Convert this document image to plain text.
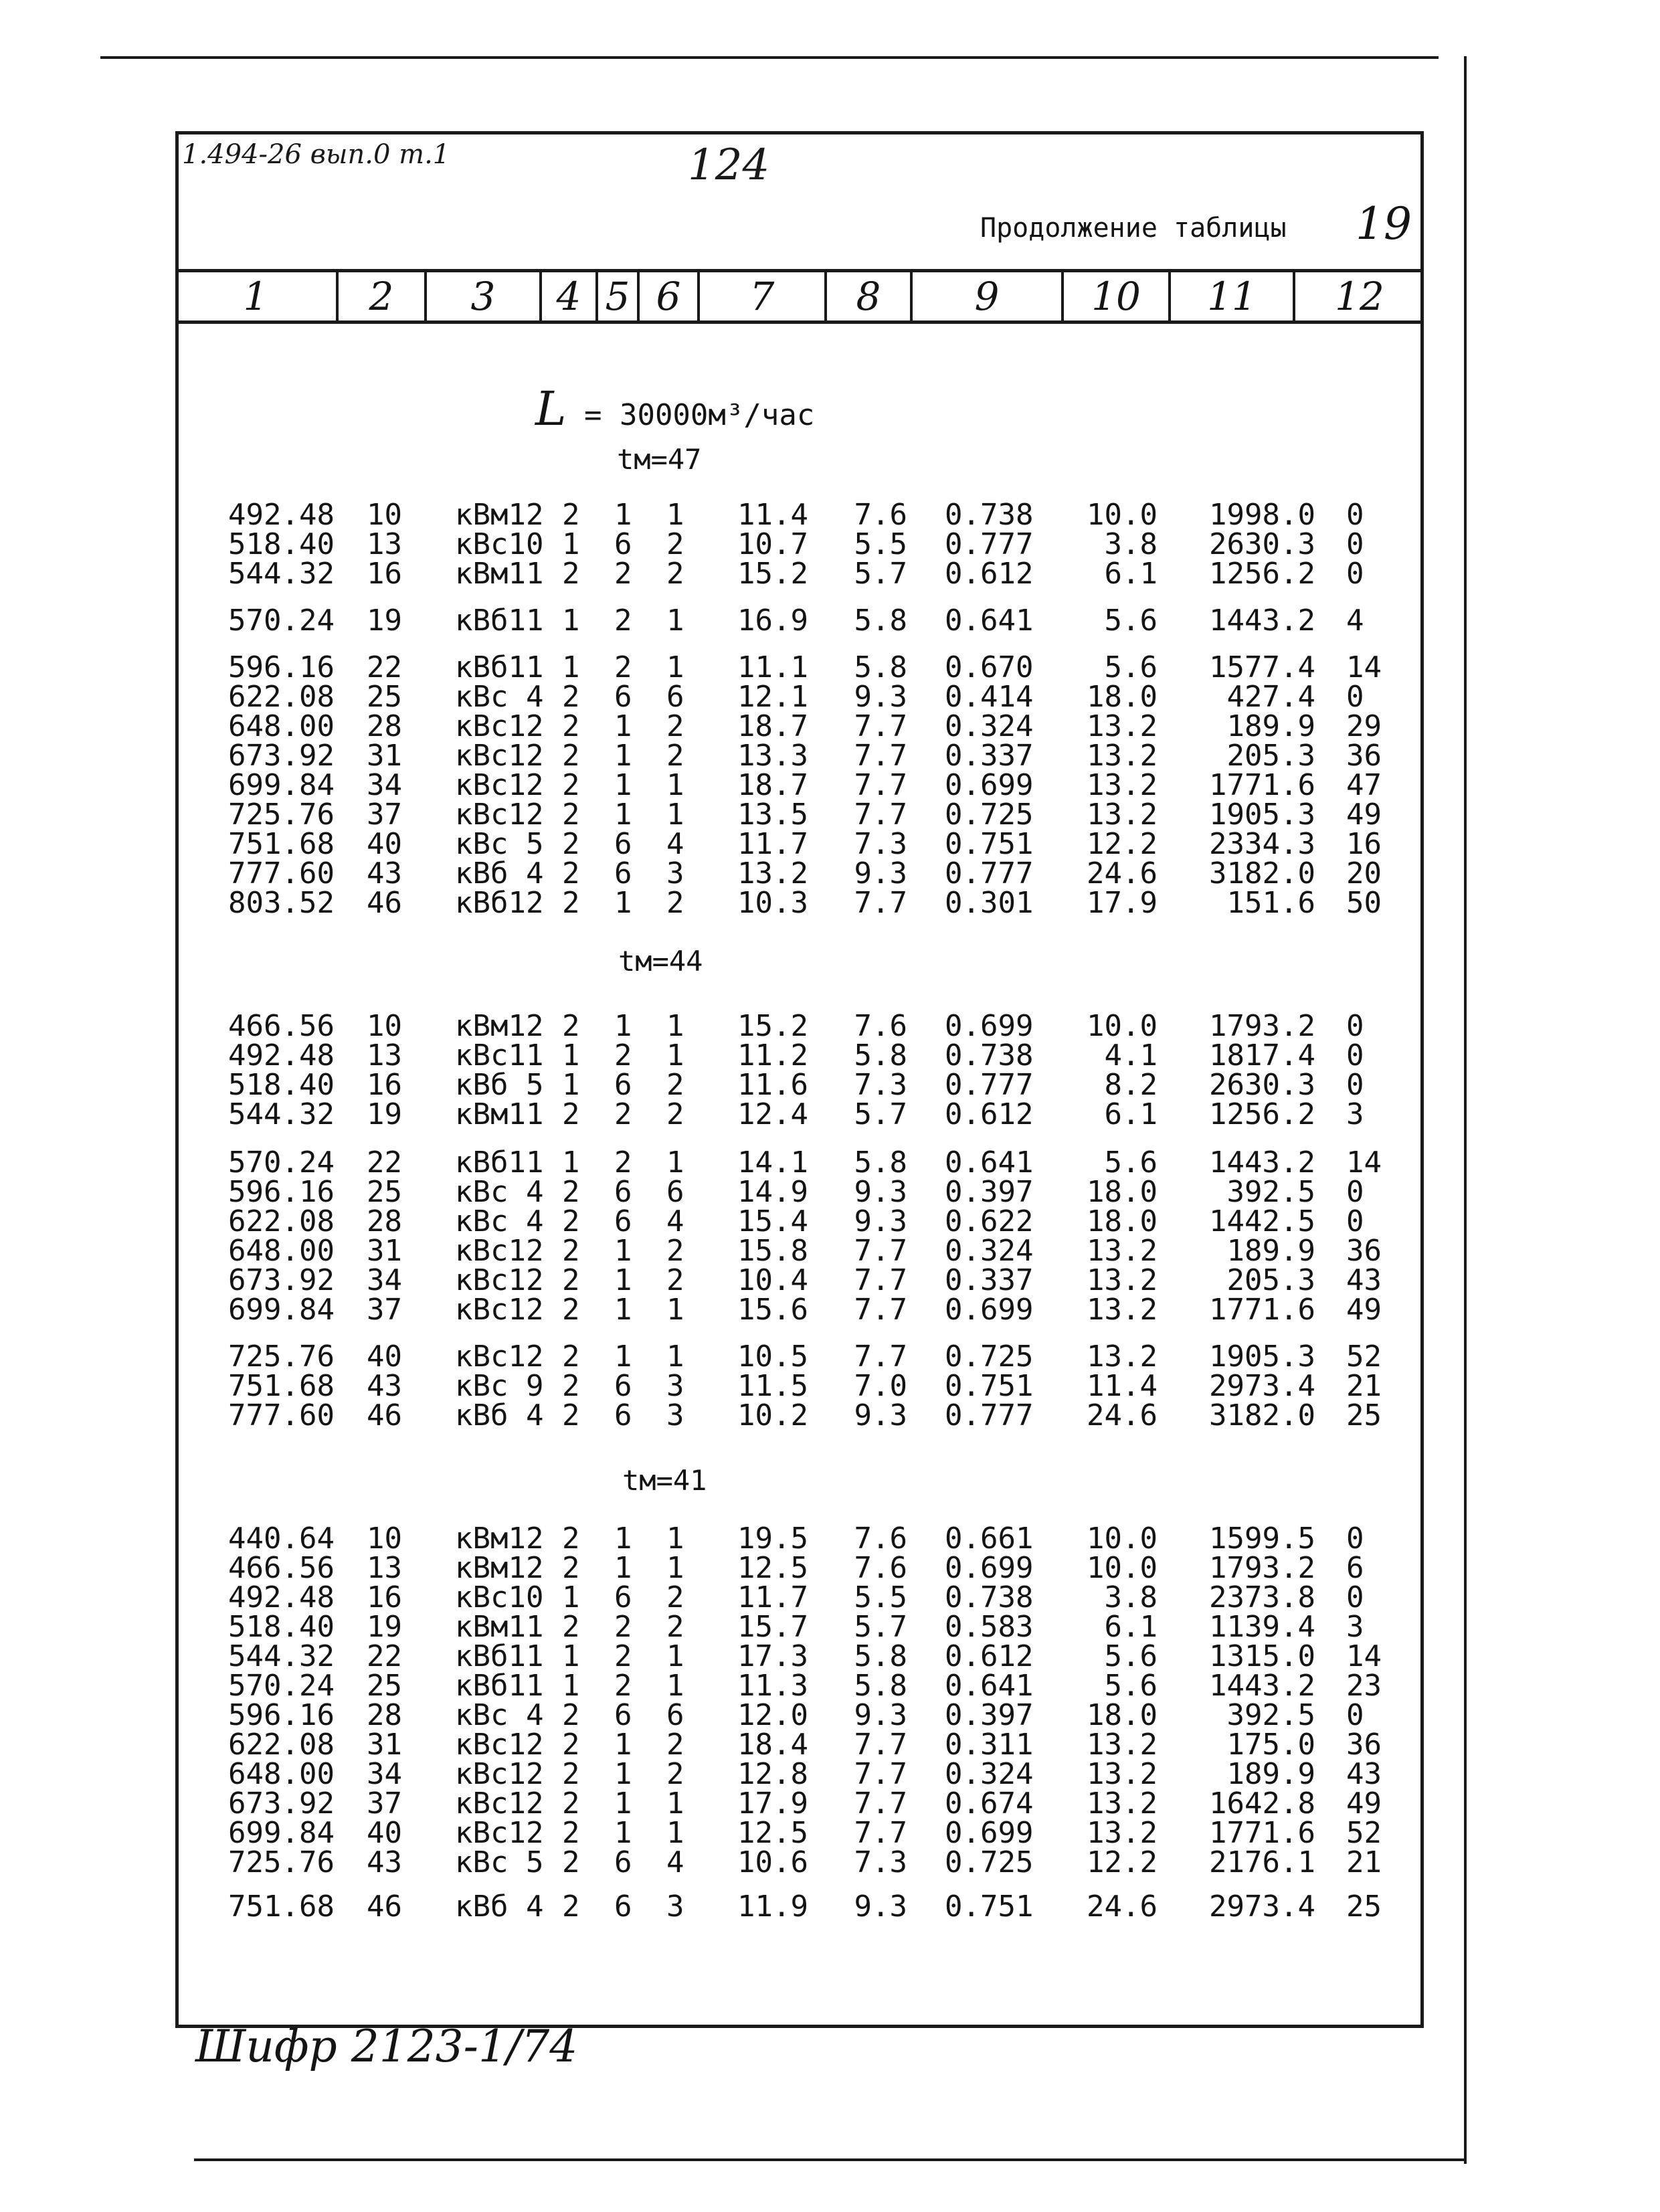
1.494-26 вып.0 т.1	124
Продолжение таблицы 19
1	2	3	4 5 6	7	8	9	10	11	12
L = 30000м³/час
tм=47
492.48 10	кВм12 2	1	1	11.4	7.6 0.738	10.0	1998.0 0
518.40 13	кВс10 1	6	2	10.7	5.5 0.777	3.8	2630.3 0
544.32 16	кВм11 2	2	2	15.2	5.7 0.612	6.1	1256.2 0
570.24 19	кВб11 1	2	1	16.9	5.8 0.641	5.6	1443.2 4
596.16 22	кВб11 1	2	1	11.1	5.8 0.670	5.6	1577.4 14
622.08 25	кВс 4 2	6	6	12.1	9.3 0.414	18.0	427.4 0
648.00 28	кВс12 2	1	2	18.7	7.7 0.324	13.2	189.9 29
673.92 31	кВс12 2	1	2	13.3	7.7 0.337	13.2	205.3 36
699.84 34	кВс12 2	1	1	18.7	7.7 0.699	13.2	1771.6 47
725.76 37	кВс12 2	1	1	13.5	7.7 0.725	13.2	1905.3 49
751.68 40	кВс 5 2	6	4	11.7	7.3 0.751	12.2	2334.3 16
777.60 43	кВб 4 2	6	3	13.2	9.3 0.777	24.6	3182.0 20
803.52 46	кВб12 2	1	2	10.3	7.7 0.301	17.9	151.6 50
tм=44
466.56 10	кВм12 2	1	1	15.2	7.6 0.699	10.0	1793.2 0
492.48 13	кВс11 1	2	1	11.2	5.8 0.738	4.1	1817.4 0
518.40 16	кВб 5 1	6	2	11.6	7.3 0.777	8.2	2630.3 0
544.32 19	кВм11 2	2	2	12.4	5.7 0.612	6.1	1256.2 3
570.24 22	кВб11 1	2	1	14.1	5.8 0.641	5.6	1443.2 14
596.16 25	кВс 4 2	6	6	14.9	9.3 0.397	18.0	392.5 0
622.08 28	кВс 4 2	6	4	15.4	9.3 0.622	18.0	1442.5 0
648.00 31	кВс12 2	1	2	15.8	7.7 0.324	13.2	189.9 36
673.92 34	кВс12 2	1	2	10.4	7.7 0.337	13.2	205.3 43
699.84 37	кВс12 2	1	1	15.6	7.7 0.699	13.2	1771.6 49
725.76 40	кВс12 2	1	1	10.5	7.7 0.725	13.2	1905.3 52
751.68 43	кВс 9 2	6	3	11.5	7.0 0.751	11.4	2973.4 21
777.60 46	кВб 4 2	6	3	10.2	9.3 0.777	24.6	3182.0 25
tм=41
440.64 10	кВм12 2	1	1	19.5	7.6 0.661	10.0	1599.5 0
466.56 13	кВм12 2	1	1	12.5	7.6 0.699	10.0	1793.2 6
492.48 16	кВс10 1	6	2	11.7	5.5 0.738	3.8	2373.8 0
518.40 19	кВм11 2	2	2	15.7	5.7 0.583	6.1	1139.4 3
544.32 22	кВб11 1	2	1	17.3	5.8 0.612	5.6	1315.0 14
570.24 25	кВб11 1	2	1	11.3	5.8 0.641	5.6	1443.2 23
596.16 28	кВс 4 2	6	6	12.0	9.3 0.397	18.0	392.5 0
622.08 31	кВс12 2	1	2	18.4	7.7 0.311	13.2	175.0 36
648.00 34	кВс12 2	1	2	12.8	7.7 0.324	13.2	189.9 43
673.92 37	кВс12 2	1	1	17.9	7.7 0.674	13.2	1642.8 49
699.84 40	кВс12 2	1	1	12.5	7.7 0.699	13.2	1771.6 52
725.76 43	кВс 5 2	6	4	10.6	7.3 0.725	12.2	2176.1 21
751.68 46	кВб 4 2	6	3	11.9	9.3 0.751	24.6	2973.4 25
Шифр 2123-1/74
